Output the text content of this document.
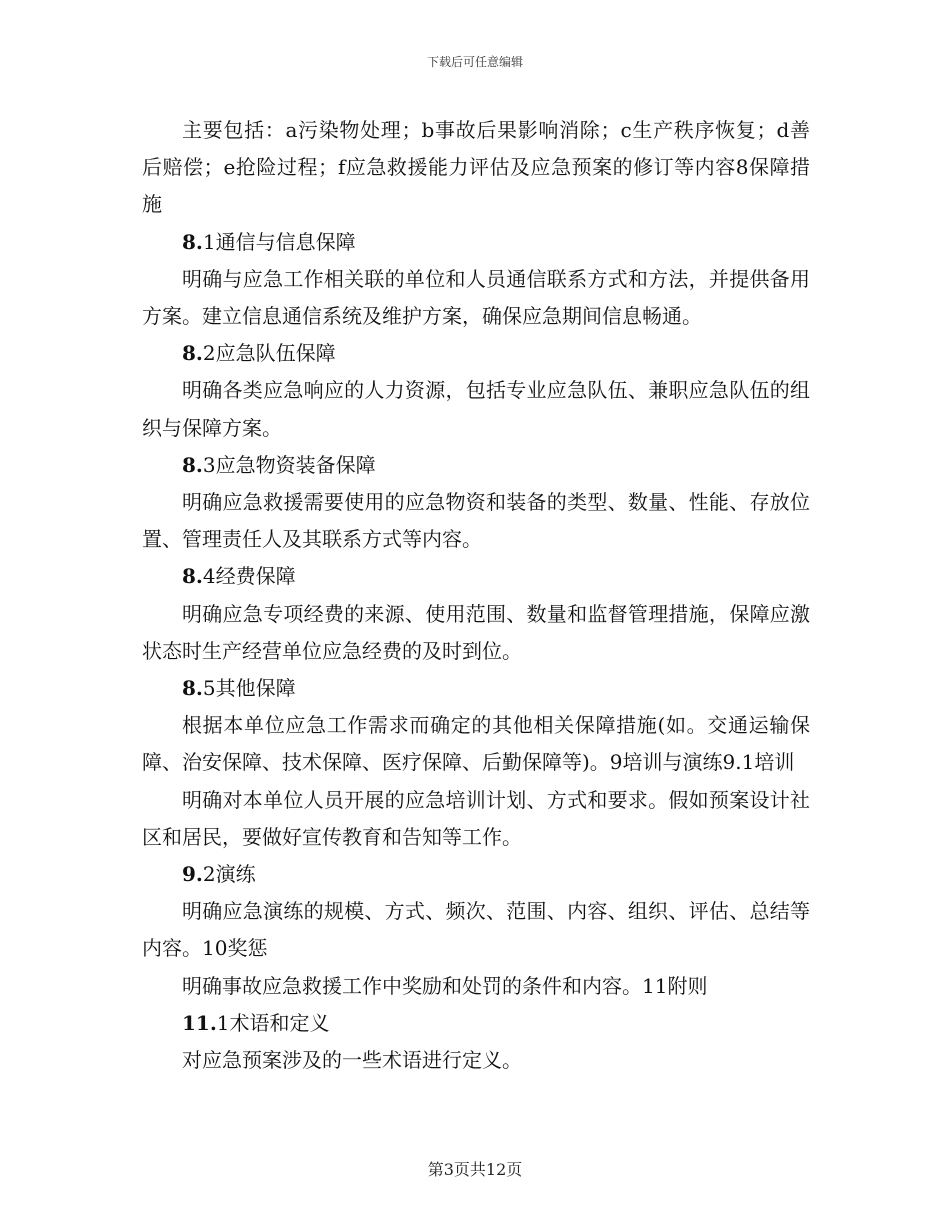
下载后可任意编辑

主要包括：a污染物处理；b事故后果影响消除；c生产秩序恢复；d善后赔偿；e抢险过程；f应急救援能力评估及应急预案的修订等内容8保障措施

8.1通信与信息保障

明确与应急工作相关联的单位和人员通信联系方式和方法，并提供备用方案。建立信息通信系统及维护方案，确保应急期间信息畅通。

8.2应急队伍保障

明确各类应急响应的人力资源，包括专业应急队伍、兼职应急队伍的组织与保障方案。

8.3应急物资装备保障

明确应急救援需要使用的应急物资和装备的类型、数量、性能、存放位置、管理责任人及其联系方式等内容。

8.4经费保障

明确应急专项经费的来源、使用范围、数量和监督管理措施，保障应激状态时生产经营单位应急经费的及时到位。

8.5其他保障

根据本单位应急工作需求而确定的其他相关保障措施(如。交通运输保障、治安保障、技术保障、医疗保障、后勤保障等)。9培训与演练9.1培训

明确对本单位人员开展的应急培训计划、方式和要求。假如预案设计社区和居民，要做好宣传教育和告知等工作。

9.2演练

明确应急演练的规模、方式、频次、范围、内容、组织、评估、总结等内容。10奖惩

明确事故应急救援工作中奖励和处罚的条件和内容。11附则

11.1术语和定义

对应急预案涉及的一些术语进行定义。

第3页共12页
